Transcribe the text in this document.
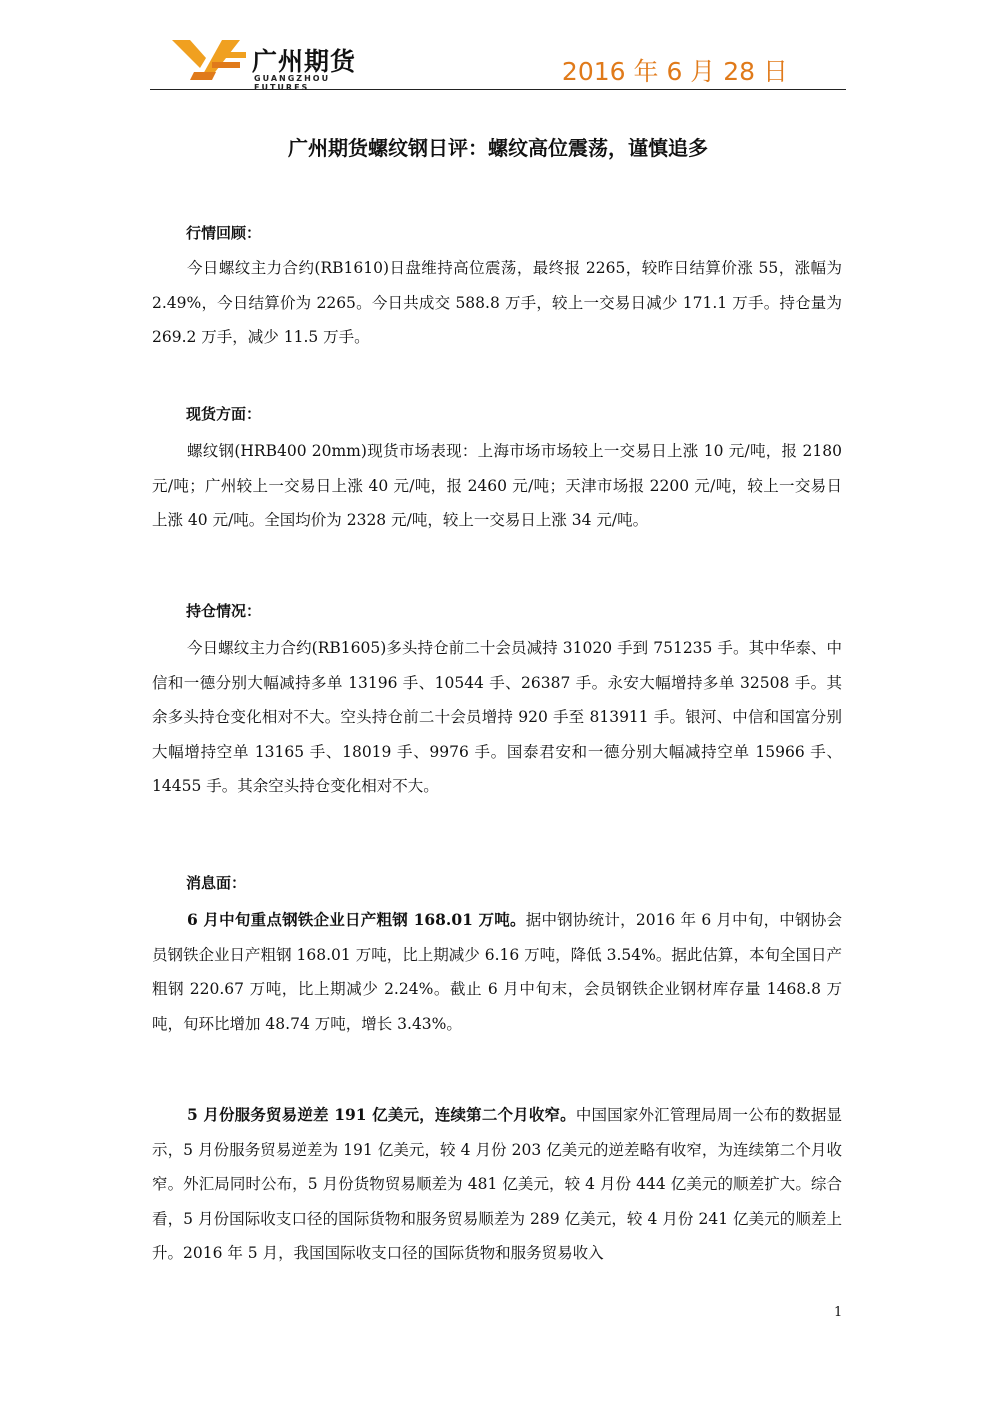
广州期货
GUANGZHOU FUTURES
2016 年 6 月 28 日
广州期货螺纹钢日评：螺纹高位震荡，谨慎追多
行情回顾：
今日螺纹主力合约(RB1610)日盘维持高位震荡，最终报 2265，较昨日结算价涨 55，涨幅为 2.49%，今日结算价为 2265。今日共成交 588.8 万手，较上一交易日减少 171.1 万手。持仓量为 269.2 万手，减少 11.5 万手。
现货方面：
螺纹钢(HRB400 20mm)现货市场表现：上海市场市场较上一交易日上涨 10 元/吨，报 2180 元/吨；广州较上一交易日上涨 40 元/吨，报 2460 元/吨；天津市场报 2200 元/吨，较上一交易日上涨 40 元/吨。全国均价为 2328 元/吨，较上一交易日上涨 34 元/吨。
持仓情况：
今日螺纹主力合约(RB1605)多头持仓前二十会员减持 31020 手到 751235 手。其中华泰、中信和一德分别大幅减持多单 13196 手、10544 手、26387 手。永安大幅增持多单 32508 手。其余多头持仓变化相对不大。空头持仓前二十会员增持 920 手至 813911 手。银河、中信和国富分别大幅增持空单 13165 手、18019 手、9976 手。国泰君安和一德分别大幅减持空单 15966 手、14455 手。其余空头持仓变化相对不大。
消息面：
6 月中旬重点钢铁企业日产粗钢 168.01 万吨。据中钢协统计，2016 年 6 月中旬，中钢协会员钢铁企业日产粗钢 168.01 万吨，比上期减少 6.16 万吨，降低 3.54%。据此估算，本旬全国日产粗钢 220.67 万吨，比上期减少 2.24%。截止 6 月中旬末，会员钢铁企业钢材库存量 1468.8 万吨，旬环比增加 48.74 万吨，增长 3.43%。
5 月份服务贸易逆差 191 亿美元，连续第二个月收窄。中国国家外汇管理局周一公布的数据显示，5 月份服务贸易逆差为 191 亿美元，较 4 月份 203 亿美元的逆差略有收窄，为连续第二个月收窄。外汇局同时公布，5 月份货物贸易顺差为 481 亿美元，较 4 月份 444 亿美元的顺差扩大。综合看，5 月份国际收支口径的国际货物和服务贸易顺差为 289 亿美元，较 4 月份 241 亿美元的顺差上升。2016 年 5 月，我国国际收支口径的国际货物和服务贸易收入
1
